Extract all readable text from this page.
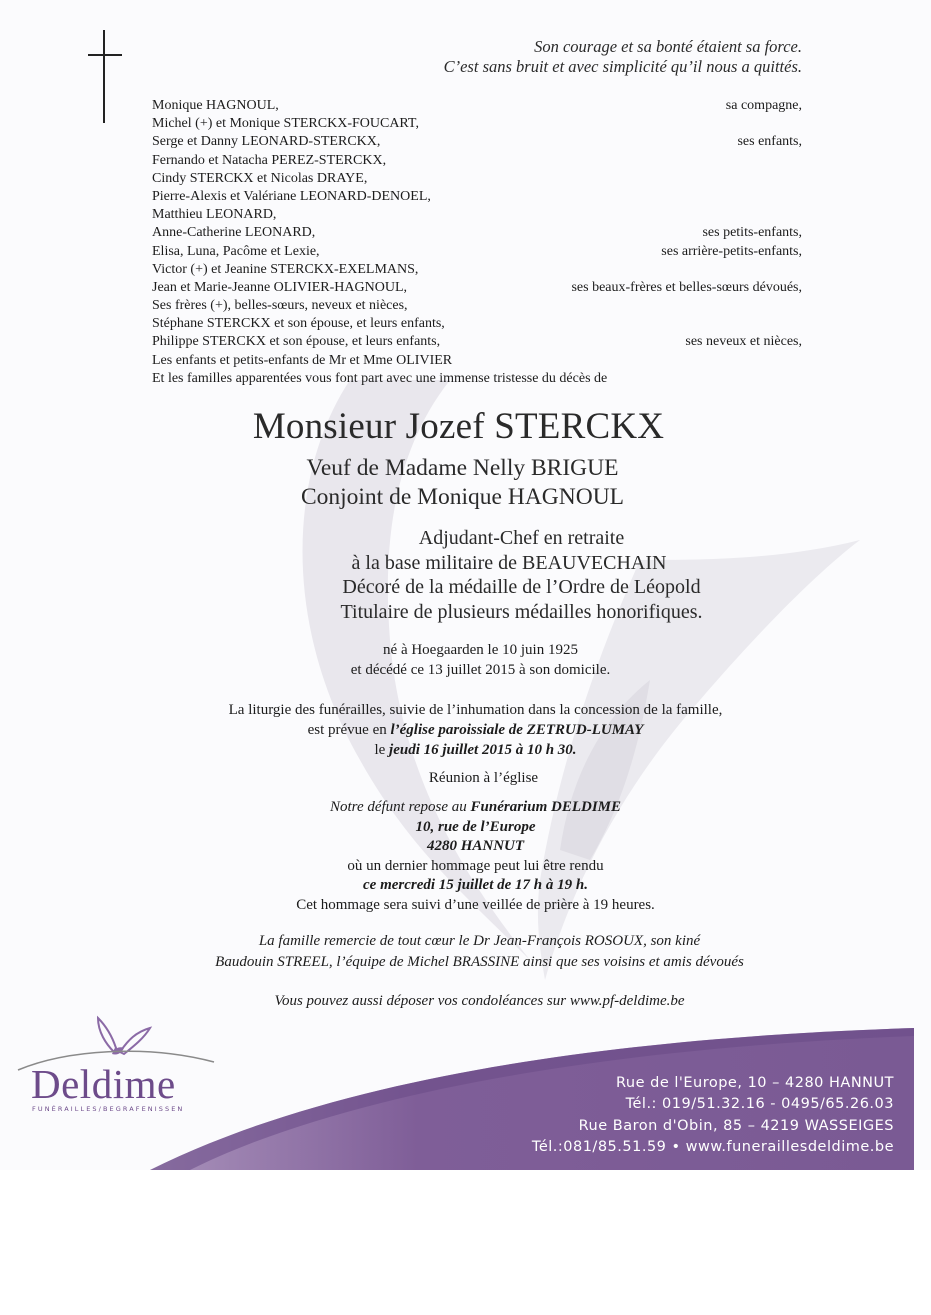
Son courage et sa bonté étaient sa force.
C’est sans bruit et avec simplicité qu’il nous a quittés.
Monique HAGNOUL,	sa compagne,
Michel (+) et Monique STERCKX-FOUCART,
Serge et Danny LEONARD-STERCKX,	ses enfants,
Fernando et Natacha PEREZ-STERCKX,
Cindy STERCKX et Nicolas DRAYE,
Pierre-Alexis et Valériane LEONARD-DENOEL,
Matthieu LEONARD,
Anne-Catherine LEONARD,	ses petits-enfants,
Elisa, Luna, Pacôme et Lexie,	ses arrière-petits-enfants,
Victor (+) et Jeanine STERCKX-EXELMANS,
Jean et Marie-Jeanne OLIVIER-HAGNOUL,	ses beaux-frères et belles-sœurs dévoués,
Ses frères (+), belles-sœurs, neveux et nièces,
Stéphane STERCKX et son épouse, et leurs enfants,
Philippe STERCKX et son épouse, et leurs enfants,	ses neveux et nièces,
Les enfants et petits-enfants de Mr et Mme OLIVIER
Et les familles apparentées vous font part avec une immense tristesse du décès de
Monsieur Jozef STERCKX
Veuf de Madame Nelly BRIGUE
Conjoint de Monique HAGNOUL
Adjudant-Chef en retraite
à la base militaire de BEAUVECHAIN
Décoré de la médaille de l’Ordre de Léopold
Titulaire de plusieurs médailles honorifiques.
né à Hoegaarden le 10 juin 1925
et décédé ce 13 juillet 2015 à son domicile.
La liturgie des funérailles, suivie de l’inhumation dans la concession de la famille,
est prévue en l’église paroissiale de ZETRUD-LUMAY
le jeudi 16 juillet 2015 à 10 h 30.
Réunion à l’église
Notre défunt repose au Funérarium DELDIME
10, rue de l’Europe
4280 HANNUT
où un dernier hommage peut lui être rendu
ce mercredi 15 juillet de 17 h à 19 h.
Cet hommage sera suivi d’une veillée de prière à 19 heures.
La famille remercie de tout cœur le Dr Jean-François ROSOUX, son kiné
Baudouin STREEL, l’équipe de Michel BRASSINE ainsi que ses voisins et amis dévoués
Vous pouvez aussi déposer vos condoléances sur www.pf-deldime.be
Deldime
FUNÉRAILLES/BEGRAFENISSEN
Rue de l'Europe, 10 – 4280 HANNUT
Tél.: 019/51.32.16 - 0495/65.26.03
Rue Baron d'Obin, 85 – 4219 WASSEIGES
Tél.:081/85.51.59 • www.funeraillesdeldime.be
